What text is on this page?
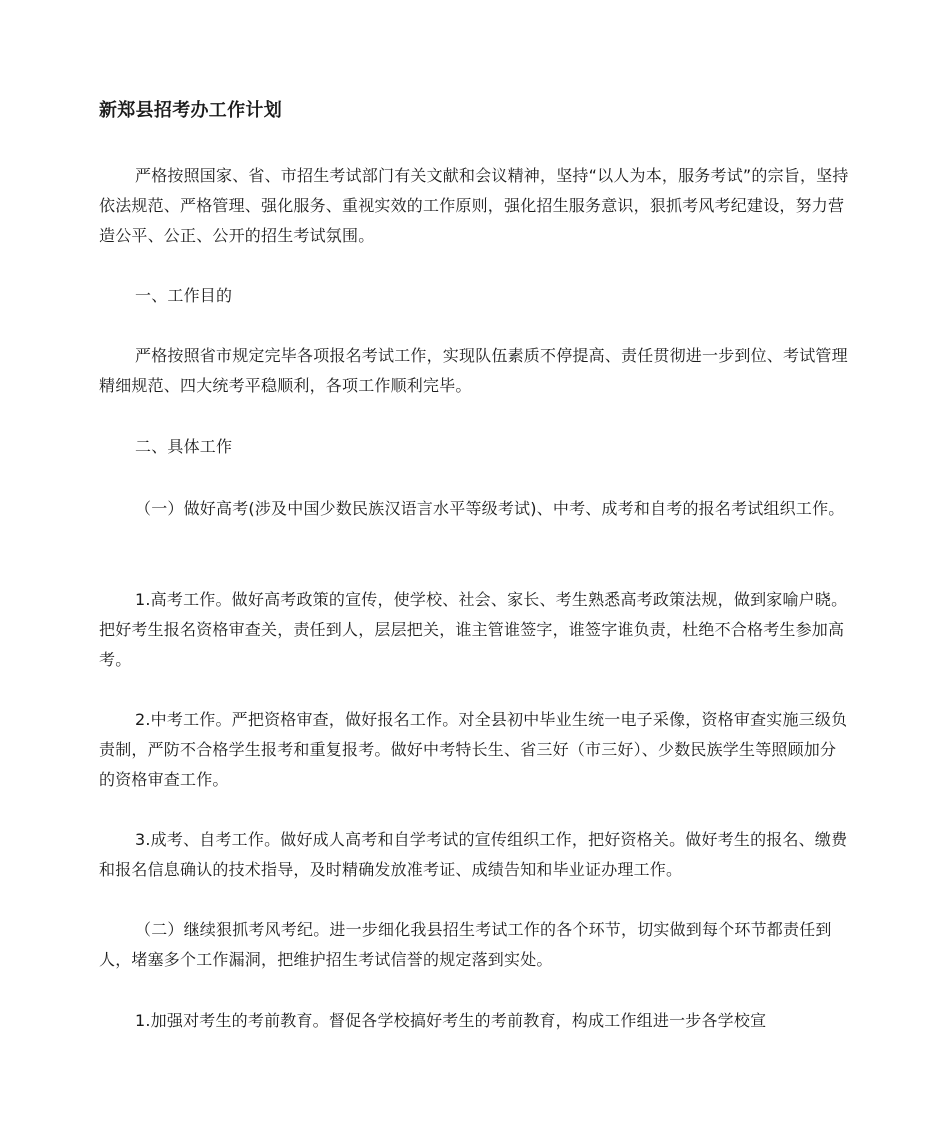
新郑县招考办工作计划

严格按照国家、省、市招生考试部门有关文献和会议精神，坚持“以人为本，服务考试”的宗旨，坚持依法规范、严格管理、强化服务、重视实效的工作原则，强化招生服务意识，狠抓考风考纪建设，努力营造公平、公正、公开的招生考试氛围。

一、工作目的

严格按照省市规定完毕各项报名考试工作，实现队伍素质不停提高、责任贯彻进一步到位、考试管理精细规范、四大统考平稳顺利，各项工作顺利完毕。

二、具体工作

（一）做好高考(涉及中国少数民族汉语言水平等级考试)、中考、成考和自考的报名考试组织工作。

1.高考工作。做好高考政策的宣传，使学校、社会、家长、考生熟悉高考政策法规，做到家喻户晓。把好考生报名资格审查关，责任到人，层层把关，谁主管谁签字，谁签字谁负责，杜绝不合格考生参加高考。

2.中考工作。严把资格审查，做好报名工作。对全县初中毕业生统一电子采像，资格审查实施三级负责制，严防不合格学生报考和重复报考。做好中考特长生、省三好（市三好）、少数民族学生等照顾加分的资格审查工作。

3.成考、自考工作。做好成人高考和自学考试的宣传组织工作，把好资格关。做好考生的报名、缴费和报名信息确认的技术指导，及时精确发放准考证、成绩告知和毕业证办理工作。

（二）继续狠抓考风考纪。进一步细化我县招生考试工作的各个环节，切实做到每个环节都责任到人，堵塞多个工作漏洞，把维护招生考试信誉的规定落到实处。

1.加强对考生的考前教育。督促各学校搞好考生的考前教育，构成工作组进一步各学校宣
